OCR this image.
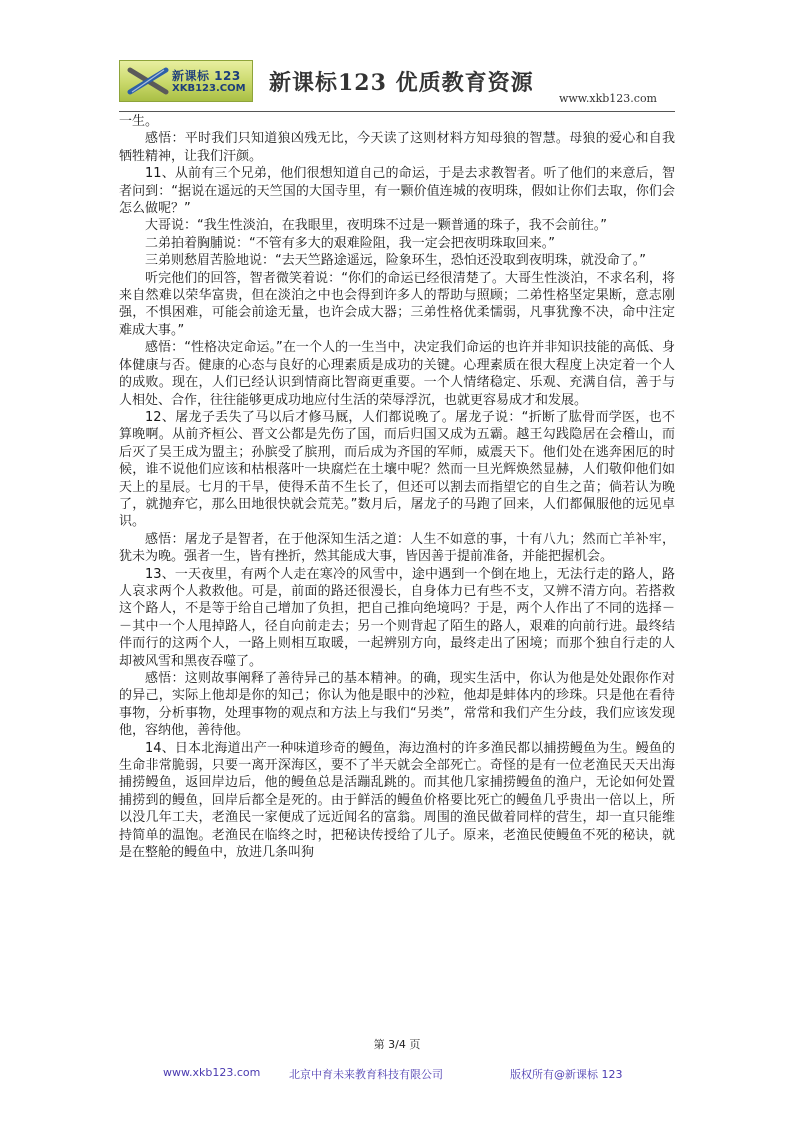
新课标 123
XKB123.COM 新课标123 优质教育资源
www.xkb123.com

一生。

感悟：平时我们只知道狼凶残无比，今天读了这则材料方知母狼的智慧。母狼的爱心和自我牺牲精神，让我们汗颜。

11、从前有三个兄弟，他们很想知道自己的命运，于是去求教智者。听了他们的来意后，智者问到：“据说在遥远的天竺国的大国寺里，有一颗价值连城的夜明珠，假如让你们去取，你们会怎么做呢？”

大哥说：“我生性淡泊，在我眼里，夜明珠不过是一颗普通的珠子，我不会前往。”

二弟拍着胸脯说：“不管有多大的艰难险阻，我一定会把夜明珠取回来。”

三弟则愁眉苦脸地说：“去天竺路途遥远，险象环生，恐怕还没取到夜明珠，就没命了。”

听完他们的回答，智者微笑着说：“你们的命运已经很清楚了。大哥生性淡泊，不求名利，将来自然难以荣华富贵，但在淡泊之中也会得到许多人的帮助与照顾；二弟性格坚定果断，意志刚强，不惧困难，可能会前途无量，也许会成大器；三弟性格优柔懦弱，凡事犹豫不决，命中注定难成大事。”

感悟：“性格决定命运。”在一个人的一生当中，决定我们命运的也许并非知识技能的高低、身体健康与否。健康的心态与良好的心理素质是成功的关键。心理素质在很大程度上决定着一个人的成败。现在，人们已经认识到情商比智商更重要。一个人情绪稳定、乐观、充满自信，善于与人相处、合作，往往能够更成功地应付生活的荣辱浮沉，也就更容易成才和发展。

12、屠龙子丢失了马以后才修马厩，人们都说晚了。屠龙子说：“折断了肱骨而学医，也不算晚啊。从前齐桓公、晋文公都是先伤了国，而后归国又成为五霸。越王勾践隐居在会稽山，而后灭了吴王成为盟主；孙膑受了膑刑，而后成为齐国的军师，威震天下。他们处在逃奔困厄的时候，谁不说他们应该和枯根落叶一块腐烂在土壤中呢？然而一旦光辉焕然显赫，人们敬仰他们如天上的星辰。七月的干旱，使得禾苗不生长了，但还可以割去而指望它的自生之苗；倘若认为晚了，就抛弃它，那么田地很快就会荒芜。”数月后，屠龙子的马跑了回来，人们都佩服他的远见卓识。

感悟：屠龙子是智者，在于他深知生活之道：人生不如意的事，十有八九；然而亡羊补牢，犹未为晚。强者一生，皆有挫折，然其能成大事，皆因善于提前准备，并能把握机会。

13、一天夜里，有两个人走在寒冷的风雪中，途中遇到一个倒在地上，无法行走的路人，路人哀求两个人救救他。可是，前面的路还很漫长，自身体力已有些不支，又辨不清方向。若搭救这个路人，不是等于给自己增加了负担，把自己推向绝境吗？于是，两个人作出了不同的选择－－其中一个人甩掉路人，径自向前走去；另一个则背起了陌生的路人，艰难的向前行进。最终结伴而行的这两个人，一路上则相互取暖，一起辨别方向，最终走出了困境；而那个独自行走的人却被风雪和黑夜吞噬了。

感悟：这则故事阐释了善待异己的基本精神。的确，现实生活中，你认为他是处处跟你作对的异己，实际上他却是你的知己；你认为他是眼中的沙粒，他却是蚌体内的珍珠。只是他在看待事物，分析事物，处理事物的观点和方法上与我们“另类”，常常和我们产生分歧，我们应该发现他，容纳他，善待他。

14、日本北海道出产一种味道珍奇的鳗鱼，海边渔村的许多渔民都以捕捞鳗鱼为生。鳗鱼的生命非常脆弱，只要一离开深海区，要不了半天就会全部死亡。奇怪的是有一位老渔民天天出海捕捞鳗鱼，返回岸边后，他的鳗鱼总是活蹦乱跳的。而其他几家捕捞鳗鱼的渔户，无论如何处置捕捞到的鳗鱼，回岸后都全是死的。由于鲜活的鳗鱼价格要比死亡的鳗鱼几乎贵出一倍以上，所以没几年工夫，老渔民一家便成了远近闻名的富翁。周围的渔民做着同样的营生，却一直只能维持简单的温饱。老渔民在临终之时，把秘诀传授给了儿子。原来，老渔民使鳗鱼不死的秘诀，就是在整舱的鳗鱼中，放进几条叫狗

第 3/4 页
www.xkb123.com	北京中育未来教育科技有限公司	版权所有@新课标 123
